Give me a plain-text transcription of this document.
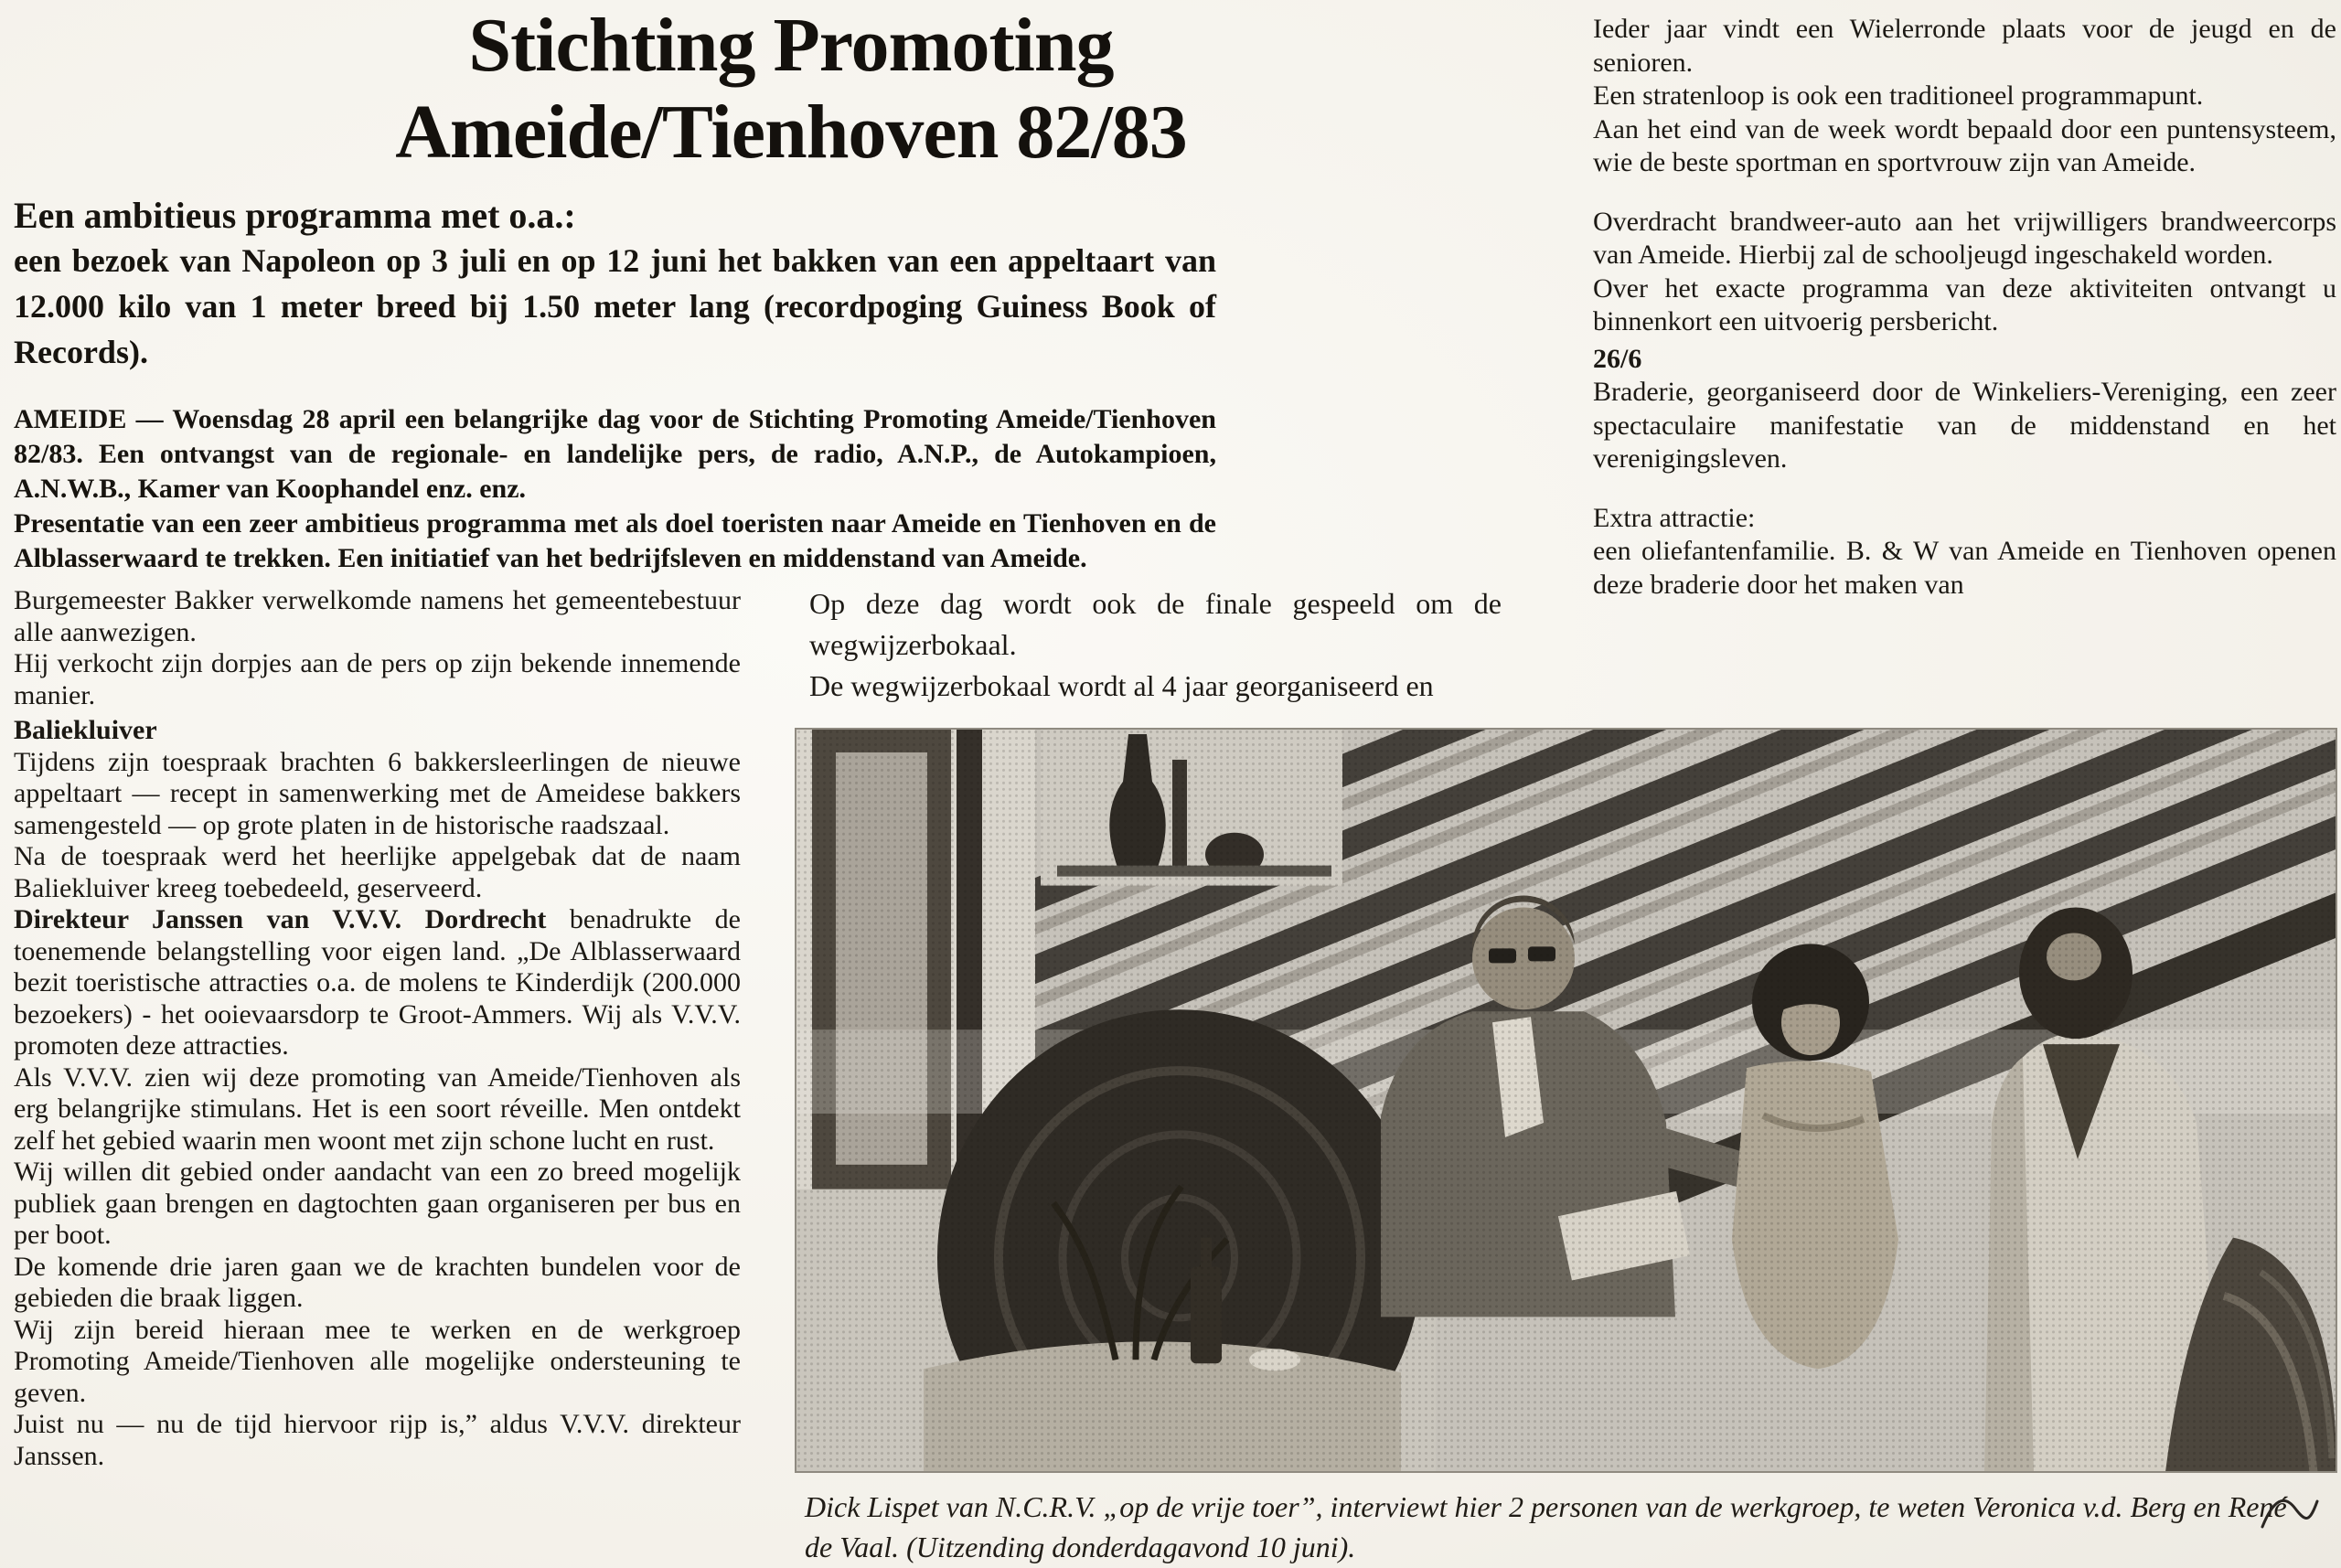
Stichting Promoting
Ameide/Tienhoven 82/83
Een ambitieus programma met o.a.:
een bezoek van Napoleon op 3 juli en op 12 juni het bakken van een appeltaart van 12.000 kilo van 1 meter breed bij 1.50 meter lang (recordpoging Guiness Book of Records).

AMEIDE — Woensdag 28 april een belangrijke dag voor de Stichting Promoting Ameide/Tienhoven 82/83. Een ontvangst van de regionale- en landelijke pers, de radio, A.N.P., de Autokampioen, A.N.W.B., Kamer van Koophandel enz. enz.

Presentatie van een zeer ambitieus programma met als doel toeristen naar Ameide en Tienhoven en de Alblasserwaard te trekken. Een initiatief van het bedrijfsleven en middenstand van Ameide.

Burgemeester Bakker verwelkomde namens het gemeentebestuur alle aanwezigen.

Hij verkocht zijn dorpjes aan de pers op zijn bekende innemende manier.

Baliekluiver

Tijdens zijn toespraak brachten 6 bakkersleerlingen de nieuwe appeltaart — recept in samenwerking met de Ameidese bakkers samengesteld — op grote platen in de historische raadszaal.

Na de toespraak werd het heerlijke appelgebak dat de naam Baliekluiver kreeg toebedeeld, geserveerd.

Direkteur Janssen van V.V.V. Dordrecht benadrukte de toenemende belangstelling voor eigen land. „De Alblasserwaard bezit toeristische attracties o.a. de molens te Kinderdijk (200.000 bezoekers) - het ooievaarsdorp te Groot-Ammers. Wij als V.V.V. promoten deze attracties.

Als V.V.V. zien wij deze promoting van Ameide/Tienhoven als erg belangrijke stimulans. Het is een soort réveille. Men ontdekt zelf het gebied waarin men woont met zijn schone lucht en rust.

Wij willen dit gebied onder aandacht van een zo breed mogelijk publiek gaan brengen en dagtochten gaan organiseren per bus en per boot.

De komende drie jaren gaan we de krachten bundelen voor de gebieden die braak liggen.

Wij zijn bereid hieraan mee te werken en de werkgroep Promoting Ameide/Tienhoven alle mogelijke ondersteuning te geven.

Juist nu — nu de tijd hiervoor rijp is,” aldus V.V.V. direkteur Janssen.

Op deze dag wordt ook de finale gespeeld om de wegwijzerbokaal.

De wegwijzerbokaal wordt al 4 jaar georganiseerd en

Ieder jaar vindt een Wielerronde plaats voor de jeugd en de senioren.

Een stratenloop is ook een traditioneel programmapunt.

Aan het eind van de week wordt bepaald door een puntensysteem, wie de beste sportman en sportvrouw zijn van Ameide.

Overdracht brandweer-auto aan het vrijwilligers brandweercorps van Ameide. Hierbij zal de schooljeugd ingeschakeld worden.

Over het exacte programma van deze aktiviteiten ontvangt u binnenkort een uitvoerig persbericht.

26/6

Braderie, georganiseerd door de Winkeliers-Vereniging, een zeer spectaculaire manifestatie van de middenstand en het verenigingsleven.

Extra attractie:

een oliefantenfamilie. B. & W van Ameide en Tienhoven openen deze braderie door het maken van

Dick Lispet van N.C.R.V. „op de vrije toer”, interviewt hier 2 personen van de werkgroep, te weten Veronica v.d. Berg en René de Vaal. (Uitzending donderdagavond 10 juni).
